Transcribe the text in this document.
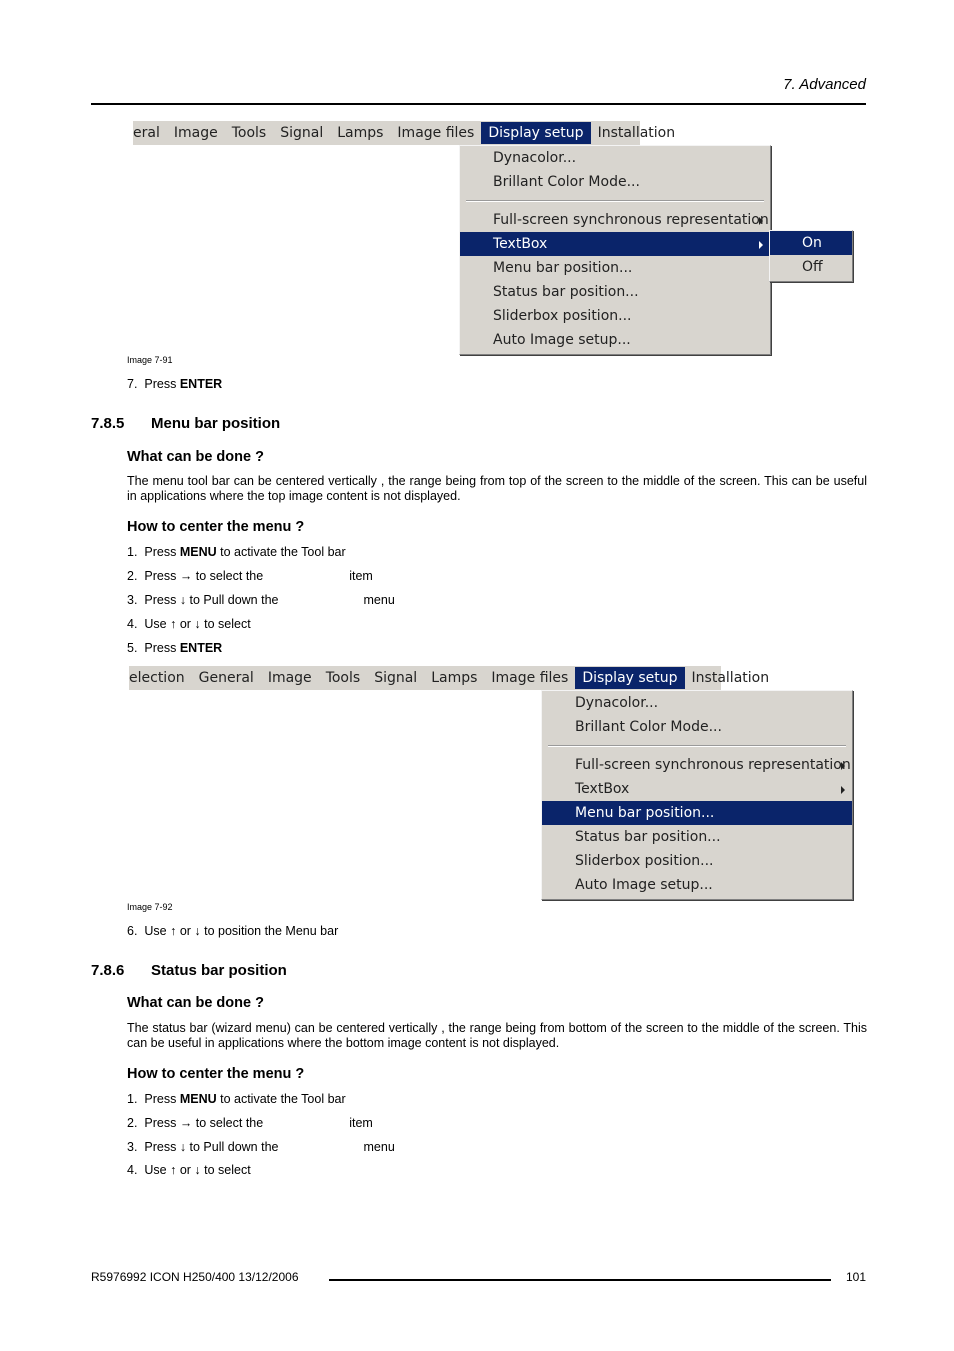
7. Advanced
eral	Image	Tools	Signal	Lamps	Image files	Display setup	Installation
Dynacolor...
Brillant Color Mode...
Full-screen synchronous representation
TextBox
Menu bar position...
Status bar position...
Sliderbox position...
Auto Image setup...
On
Off
Image 7-91
7. Press ENTER
7.8.5 Menu bar position
What can be done ?
The menu tool bar can be centered vertically , the range being from top of the screen to the middle of the screen. This can be useful in applications where the top image content is not displayed.
How to center the menu ?
1. Press MENU to activate the Tool bar
2. Press → to select the	item
3. Press ↓ to Pull down the	menu
4. Use ↑ or ↓ to select
5. Press ENTER
election	General	Image	Tools	Signal	Lamps	Image files	Display setup	Installation
Dynacolor...
Brillant Color Mode...
Full-screen synchronous representation
TextBox
Menu bar position...
Status bar position...
Sliderbox position...
Auto Image setup...
Image 7-92
6. Use ↑ or ↓ to position the Menu bar
7.8.6 Status bar position
What can be done ?
The status bar (wizard menu) can be centered vertically , the range being from bottom of the screen to the middle of the screen. This can be useful in applications where the bottom image content is not displayed.
How to center the menu ?
1. Press MENU to activate the Tool bar
2. Press → to select the	item
3. Press ↓ to Pull down the	menu
4. Use ↑ or ↓ to select
R5976992 ICON H250/400 13/12/2006	101
